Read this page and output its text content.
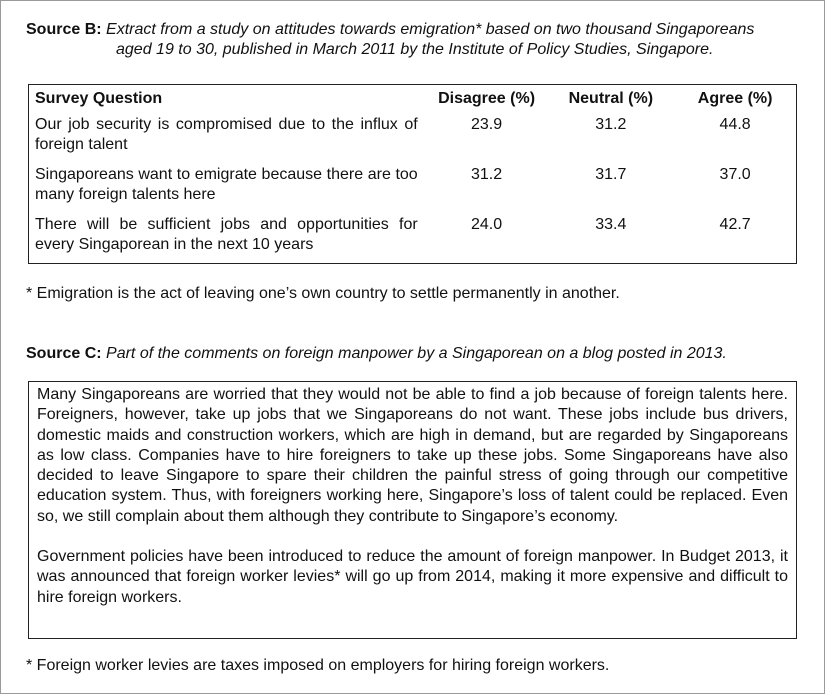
Source B: Extract from a study on attitudes towards emigration* based on two thousand Singaporeans
aged 19 to 30, published in March 2011 by the Institute of Policy Studies, Singapore.
Survey Question	Disagree (%)	Neutral (%)	Agree (%)
Our job security is compromised due to the influx of foreign talent	23.9	31.2	44.8
Singaporeans want to emigrate because there are too many foreign talents here	31.2	31.7	37.0
There will be sufficient jobs and opportunities for every Singaporean in the next 10 years	24.0	33.4	42.7
* Emigration is the act of leaving one’s own country to settle permanently in another.
Source C: Part of the comments on foreign manpower by a Singaporean on a blog posted in 2013.

Many Singaporeans are worried that they would not be able to find a job because of foreign talents here. Foreigners, however, take up jobs that we Singaporeans do not want. These jobs include bus drivers, domestic maids and construction workers, which are high in demand, but are regarded by Singaporeans as low class. Companies have to hire foreigners to take up these jobs. Some Singaporeans have also decided to leave Singapore to spare their children the painful stress of going through our competitive education system. Thus, with foreigners working here, Singapore’s loss of talent could be replaced. Even so, we still complain about them although they contribute to Singapore’s economy.

Government policies have been introduced to reduce the amount of foreign manpower. In Budget 2013, it was announced that foreign worker levies* will go up from 2014, making it more expensive and difficult to hire foreign workers.

* Foreign worker levies are taxes imposed on employers for hiring foreign workers.
